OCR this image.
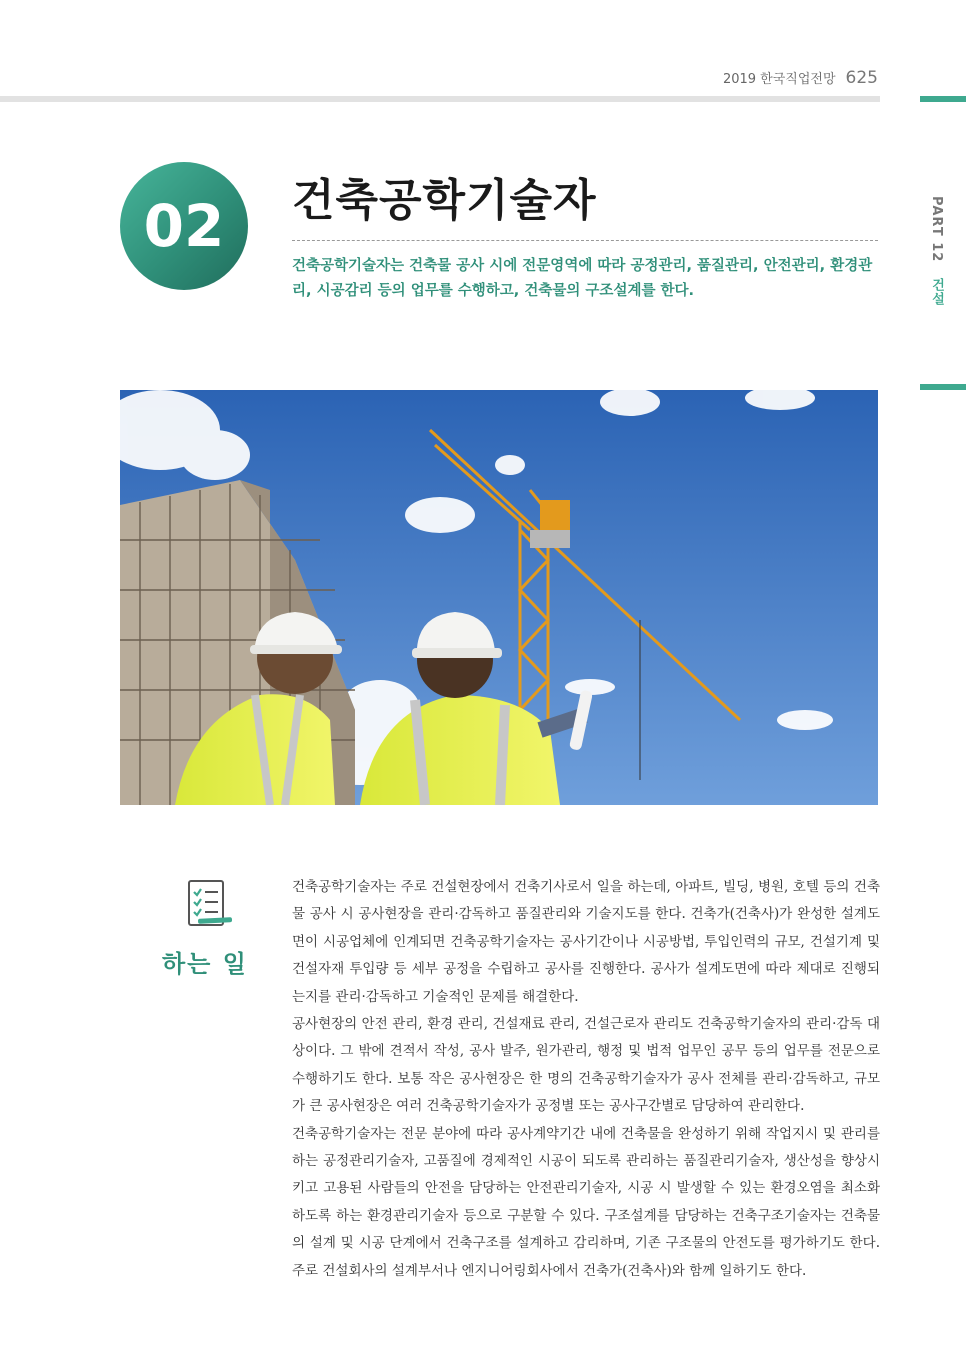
2019 한국직업전망 625
PART 12 건설
02	건축공학기술자
건축공학기술자는 건축물 공사 시에 전문영역에 따라 공정관리, 품질관리, 안전관리, 환경관리, 시공감리 등의 업무를 수행하고, 건축물의 구조설계를 한다.
하는 일

건축공학기술자는 주로 건설현장에서 건축기사로서 일을 하는데, 아파트, 빌딩, 병원, 호텔 등의 건축물 공사 시 공사현장을 관리·감독하고 품질관리와 기술지도를 한다. 건축가(건축사)가 완성한 설계도면이 시공업체에 인계되면 건축공학기술자는 공사기간이나 시공방법, 투입인력의 규모, 건설기계 및 건설자재 투입량 등 세부 공정을 수립하고 공사를 진행한다. 공사가 설계도면에 따라 제대로 진행되는지를 관리·감독하고 기술적인 문제를 해결한다.

공사현장의 안전 관리, 환경 관리, 건설재료 관리, 건설근로자 관리도 건축공학기술자의 관리·감독 대상이다. 그 밖에 견적서 작성, 공사 발주, 원가관리, 행정 및 법적 업무인 공무 등의 업무를 전문으로 수행하기도 한다. 보통 작은 공사현장은 한 명의 건축공학기술자가 공사 전체를 관리·감독하고, 규모가 큰 공사현장은 여러 건축공학기술자가 공정별 또는 공사구간별로 담당하여 관리한다.

건축공학기술자는 전문 분야에 따라 공사계약기간 내에 건축물을 완성하기 위해 작업지시 및 관리를 하는 공정관리기술자, 고품질에 경제적인 시공이 되도록 관리하는 품질관리기술자, 생산성을 향상시키고 고용된 사람들의 안전을 담당하는 안전관리기술자, 시공 시 발생할 수 있는 환경오염을 최소화하도록 하는 환경관리기술자 등으로 구분할 수 있다. 구조설계를 담당하는 건축구조기술자는 건축물의 설계 및 시공 단계에서 건축구조를 설계하고 감리하며, 기존 구조물의 안전도를 평가하기도 한다. 주로 건설회사의 설계부서나 엔지니어링회사에서 건축가(건축사)와 함께 일하기도 한다.
